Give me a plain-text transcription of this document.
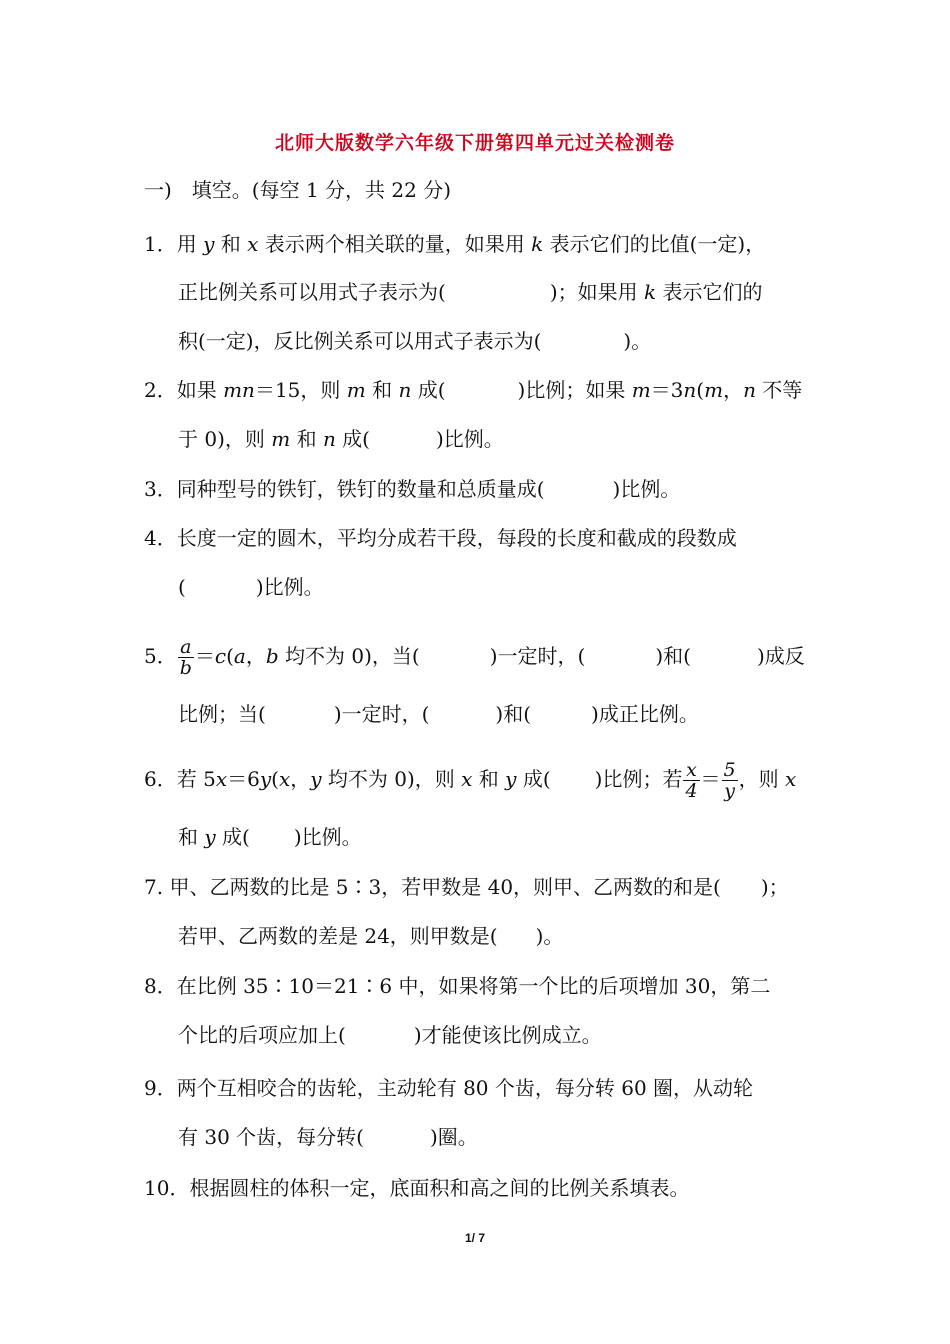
北师大版数学六年级下册第四单元过关检测卷
一)　填空。(每空 1 分，共 22 分)
1．用 y 和 x 表示两个相关联的量，如果用 k 表示它们的比值(一定)，
正比例关系可以用式子表示为(	)；如果用 k 表示它们的
积(一定)，反比例关系可以用式子表示为(	)。
2．如果 mn＝15，则 m 和 n 成(	)比例；如果 m＝3n(m，n 不等
于 0)，则 m 和 n 成(	)比例。
3．同种型号的铁钉，铁钉的数量和总质量成(	)比例。
4．长度一定的圆木，平均分成若干段，每段的长度和截成的段数成
(	)比例。
5． $\frac{a}{b} =c(a$，b 均不为 0)，当(	)一定时，(	)和(	)成反
比例；当(	)一定时，(	)和(	)成正比例。
6．若 5x＝6y(x，y 均不为 0)，则 x 和 y 成( )比例；若 $\frac{x}{4} = \frac{5}{y}$ ，则 x
和 y 成( )比例。
7. 甲、乙两数的比是 5∶3，若甲数是 40，则甲、乙两数的和是( )；
若甲、乙两数的差是 24，则甲数是( )。
8．在比例 35∶10＝21∶6 中，如果将第一个比的后项增加 30，第二
个比的后项应加上(	)才能使该比例成立。
9．两个互相咬合的齿轮，主动轮有 80 个齿，每分转 60 圈，从动轮
有 30 个齿，每分转(	)圈。
10．根据圆柱的体积一定，底面积和高之间的比例关系填表。
1/ 7
